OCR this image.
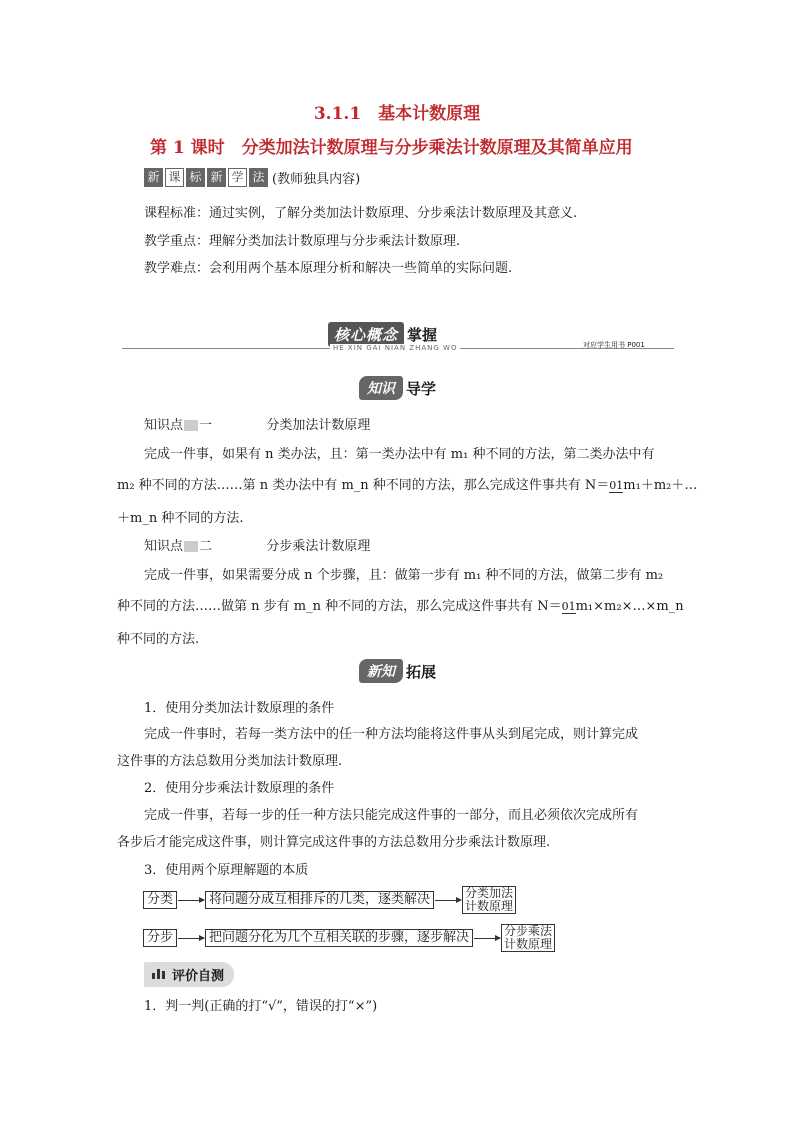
3.1.1　基本计数原理
第 1 课时　分类加法计数原理与分步乘法计数原理及其简单应用
新 课 标 新 学 法 (教师独具内容)
课程标准：通过实例，了解分类加法计数原理、分步乘法计数原理及其意义.
教学重点：理解分类加法计数原理与分步乘法计数原理.
教学难点：会利用两个基本原理分析和解决一些简单的实际问题.
核心概念 掌握
HE XIN GAI NIAN ZHANG WO	对应学生用书 P001
知识 导学
知识点 一	分类加法计数原理
完成一件事，如果有 n 类办法，且：第一类办法中有 m₁ 种不同的方法，第二类办法中有
m₂ 种不同的方法……第 n 类办法中有 m_n 种不同的方法，那么完成这件事共有 N＝01m₁＋m₂＋…
＋m_n 种不同的方法.
知识点 二	分步乘法计数原理
完成一件事，如果需要分成 n 个步骤，且：做第一步有 m₁ 种不同的方法，做第二步有 m₂
种不同的方法……做第 n 步有 m_n 种不同的方法，那么完成这件事共有 N＝01m₁×m₂×…×m_n
种不同的方法.
新知 拓展
1．使用分类加法计数原理的条件
完成一件事时，若每一类方法中的任一种方法均能将这件事从头到尾完成，则计算完成
这件事的方法总数用分类加法计数原理.
2．使用分步乘法计数原理的条件
完成一件事，若每一步的任一种方法只能完成这件事的一部分，而且必须依次完成所有
各步后才能完成这件事，则计算完成这件事的方法总数用分步乘法计数原理.
3．使用两个原理解题的本质
分类	将问题分成互相排斥的几类，逐类解决	分类加法
计数原理
分步	把问题分化为几个互相关联的步骤，逐步解决	分步乘法
计数原理
评价自测
1．判一判(正确的打“√”，错误的打“×”)
